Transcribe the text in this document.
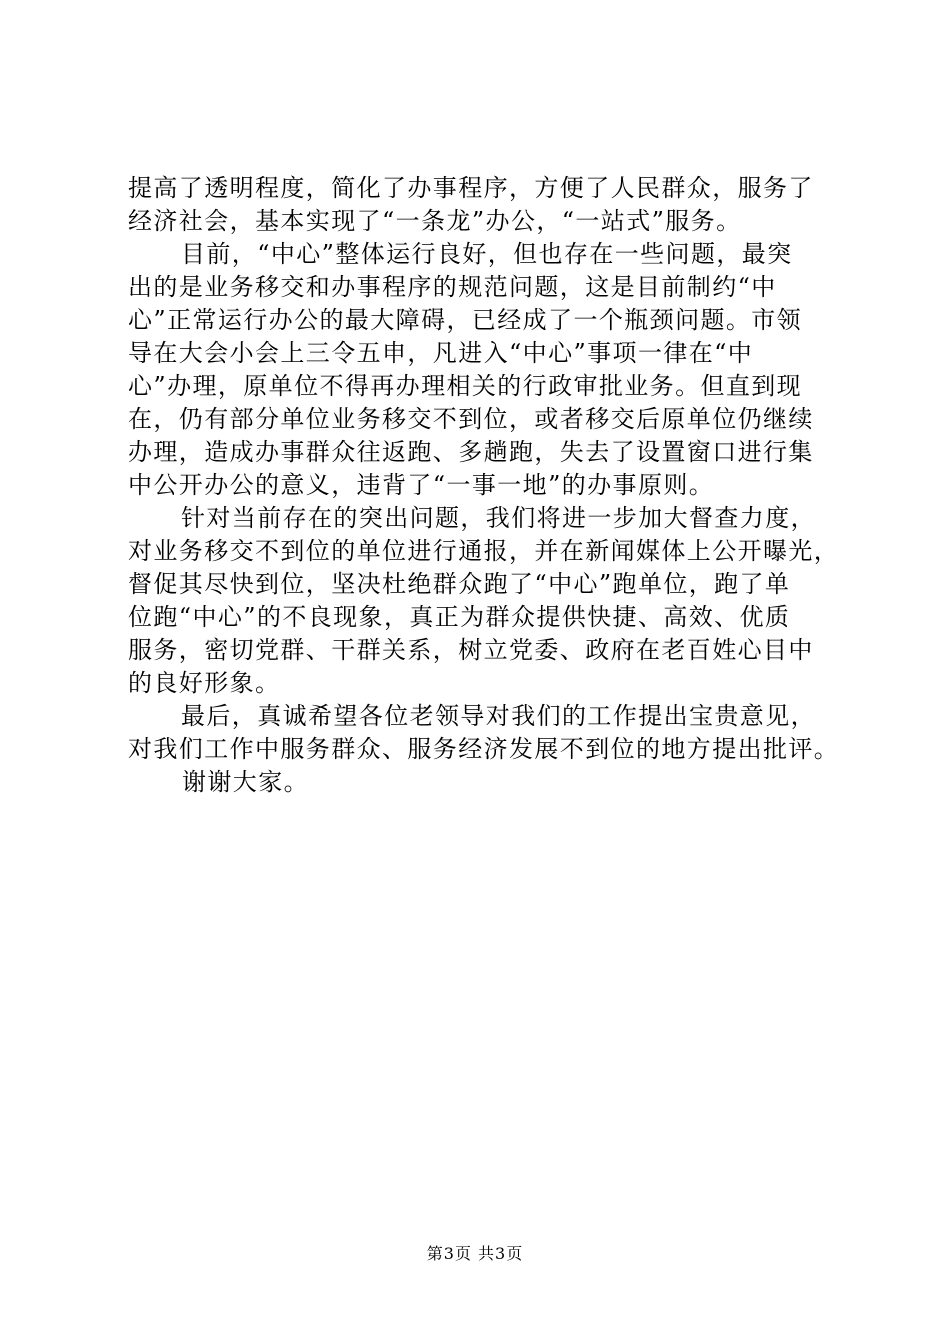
提高了透明程度，简化了办事程序，方便了人民群众，服务了
经济社会，基本实现了“一条龙”办公，“一站式”服务。
目前，“中心”整体运行良好，但也存在一些问题，最突
出的是业务移交和办事程序的规范问题，这是目前制约“中
心”正常运行办公的最大障碍，已经成了一个瓶颈问题。市领
导在大会小会上三令五申，凡进入“中心”事项一律在“中
心”办理，原单位不得再办理相关的行政审批业务。但直到现
在，仍有部分单位业务移交不到位，或者移交后原单位仍继续
办理，造成办事群众往返跑、多趟跑，失去了设置窗口进行集
中公开办公的意义，违背了“一事一地”的办事原则。
针对当前存在的突出问题，我们将进一步加大督查力度，
对业务移交不到位的单位进行通报，并在新闻媒体上公开曝光，
督促其尽快到位，坚决杜绝群众跑了“中心”跑单位，跑了单
位跑“中心”的不良现象，真正为群众提供快捷、高效、优质
服务，密切党群、干群关系，树立党委、政府在老百姓心目中
的良好形象。
最后，真诚希望各位老领导对我们的工作提出宝贵意见，
对我们工作中服务群众、服务经济发展不到位的地方提出批评。
谢谢大家。
第3页 共3页
